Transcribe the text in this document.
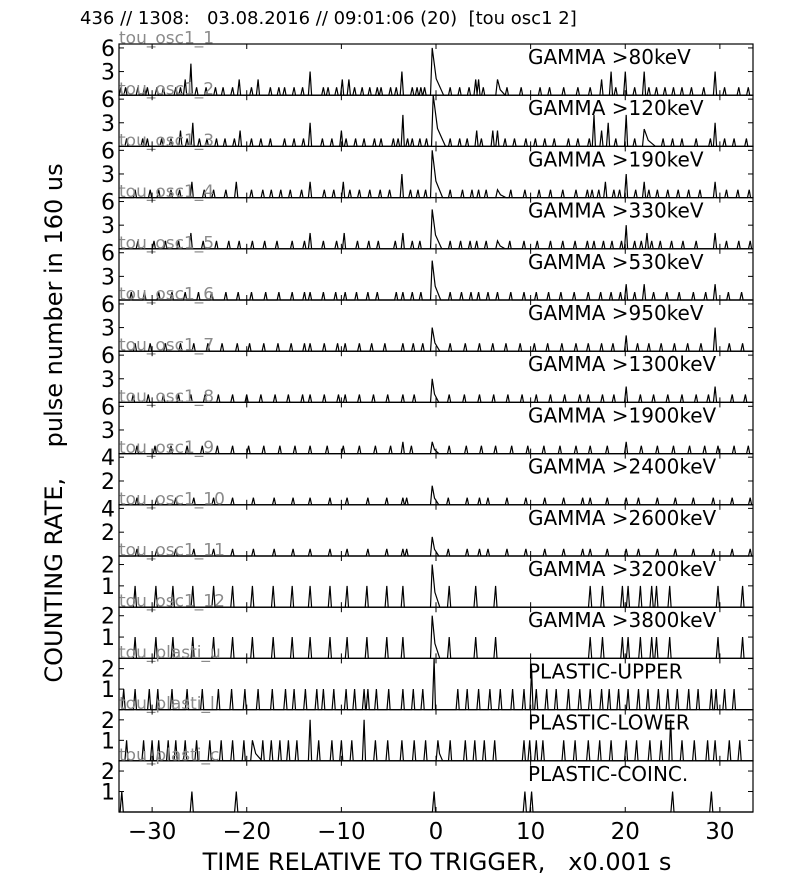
436 // 1308:   03.08.2016 // 09:01:06 (20)  [tou osc1 2]
COUNTING RATE,    pulse number in 160 us
TIME RELATIVE TO TRIGGER,   x0.001 s
3
6	GAMMA >80keV
tou_osc1_1
3
6	GAMMA >120keV
tou_osc1_2
3
6	GAMMA >190keV
tou_osc1_3
3
6	GAMMA >330keV
tou_osc1_4
3
6	GAMMA >530keV
tou_osc1_5
3
6	GAMMA >950keV
tou_osc1_6
3
6	GAMMA >1300keV
tou_osc1_7
3
6	GAMMA >1900keV
tou_osc1_8
2
4	GAMMA >2400keV
tou_osc1_9
2
4	GAMMA >2600keV
tou_osc1_10
1
2	GAMMA >3200keV
tou_osc1_11
1
2	GAMMA >3800keV
tou_osc1_12
1
2	PLASTIC-UPPER
tou_plasti_u
1
2	PLASTIC-LOWER
tou_plasti_l
1
2	PLASTIC-COINC.
tou_plasti_c
−30 −20 −10	0	10	20	30
